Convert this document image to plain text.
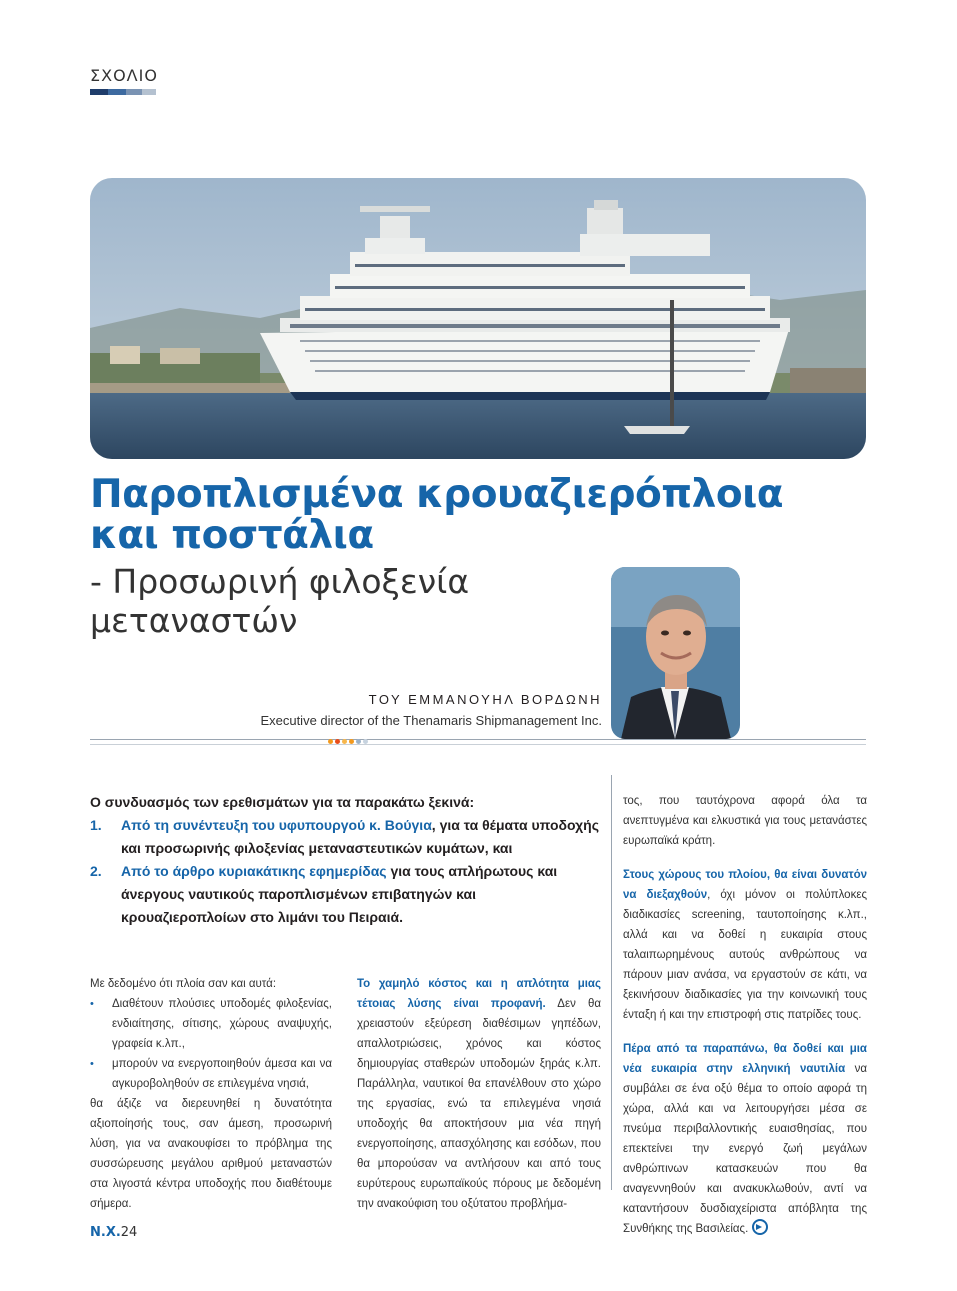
ΣΧΟΛΙΟ
Παροπλισμένα κρουαζιερόπλοια
και ποστάλια
- Προσωρινή φιλοξενία
μεταναστών
ΤΟΥ ΕΜΜΑΝΟΥΗΛ ΒΟΡΔΩΝΗ
Executive director of the Thenamaris Shipmanagement Inc.
Ο συνδυασμός των ερεθισμάτων για τα παρακάτω ξεκινά:
1. Από τη συνέντευξη του υφυπουργού κ. Βούγια, για τα θέματα υποδοχής και προσωρινής φιλοξενίας μεταναστευτικών κυμάτων, και
2. Από το άρθρο κυριακάτικης εφημερίδας για τους απλήρωτους και άνεργους ναυτικούς παροπλισμένων επιβατηγών και κρουαζιεροπλοίων στο λιμάνι του Πειραιά.
Με δεδομένο ότι πλοία σαν και αυτά:
• Διαθέτουν πλούσιες υποδομές φιλοξενίας, ενδιαίτησης, σίτισης, χώρους αναψυχής, γραφεία κ.λπ.,
• μπορούν να ενεργοποιηθούν άμεσα και να αγκυροβοληθούν σε επιλεγμένα νησιά,

θα άξιζε να διερευνηθεί η δυνατότητα αξιοποίησής τους, σαν άμεση, προσωρινή λύση, για να ανακουφίσει το πρόβλημα της συσσώρευσης μεγάλου αριθμού μεταναστών στα λιγοστά κέντρα υποδοχής που διαθέτουμε σήμερα.

Το χαμηλό κόστος και η απλότητα μιας τέτοιας λύσης είναι προφανή. Δεν θα χρειαστούν εξεύρεση διαθέσιμων γηπέδων, απαλλοτριώσεις, χρόνος και κόστος δημιουργίας σταθερών υποδομών ξηράς κ.λπ. Παράλληλα, ναυτικοί θα επανέλθουν στο χώρο της εργασίας, ενώ τα επιλεγμένα νησιά υποδοχής θα αποκτήσουν μια νέα πηγή ενεργοποίησης, απασχόλησης και εσόδων, που θα μπορούσαν να αντλήσουν και από τους ευρύτερους ευρωπαϊκούς πόρους με δεδομένη την ανακούφιση του οξύτατου προβλήμα-

τος, που ταυτόχρονα αφορά όλα τα ανεπτυγμένα και ελκυστικά για τους μετανάστες ευρωπαϊκά κράτη.

Στους χώρους του πλοίου, θα είναι δυνατόν να διεξαχθούν, όχι μόνον οι πολύπλοκες διαδικασίες screening, ταυτοποίησης κ.λπ., αλλά και να δοθεί η ευκαιρία στους ταλαιπωρημένους αυτούς ανθρώπους να πάρουν μιαν ανάσα, να εργαστούν σε κάτι, να ξεκινήσουν διαδικασίες για την κοινωνική τους ένταξη ή και την επιστροφή στις πατρίδες τους.

Πέρα από τα παραπάνω, θα δοθεί και μια νέα ευκαιρία στην ελληνική ναυτιλία να συμβάλει σε ένα οξύ θέμα το οποίο αφορά τη χώρα, αλλά και να λειτουργήσει μέσα σε πνεύμα περιβαλλοντικής ευαισθησίας, που επεκτείνει την ενεργό ζωή μεγάλων ανθρώπινων κατασκευών που θα αναγεννηθούν και ανακυκλωθούν, αντί να καταντήσουν δυσδιαχείριστα απόβλητα της Συνθήκης της Βασιλείας.

N.X.24
